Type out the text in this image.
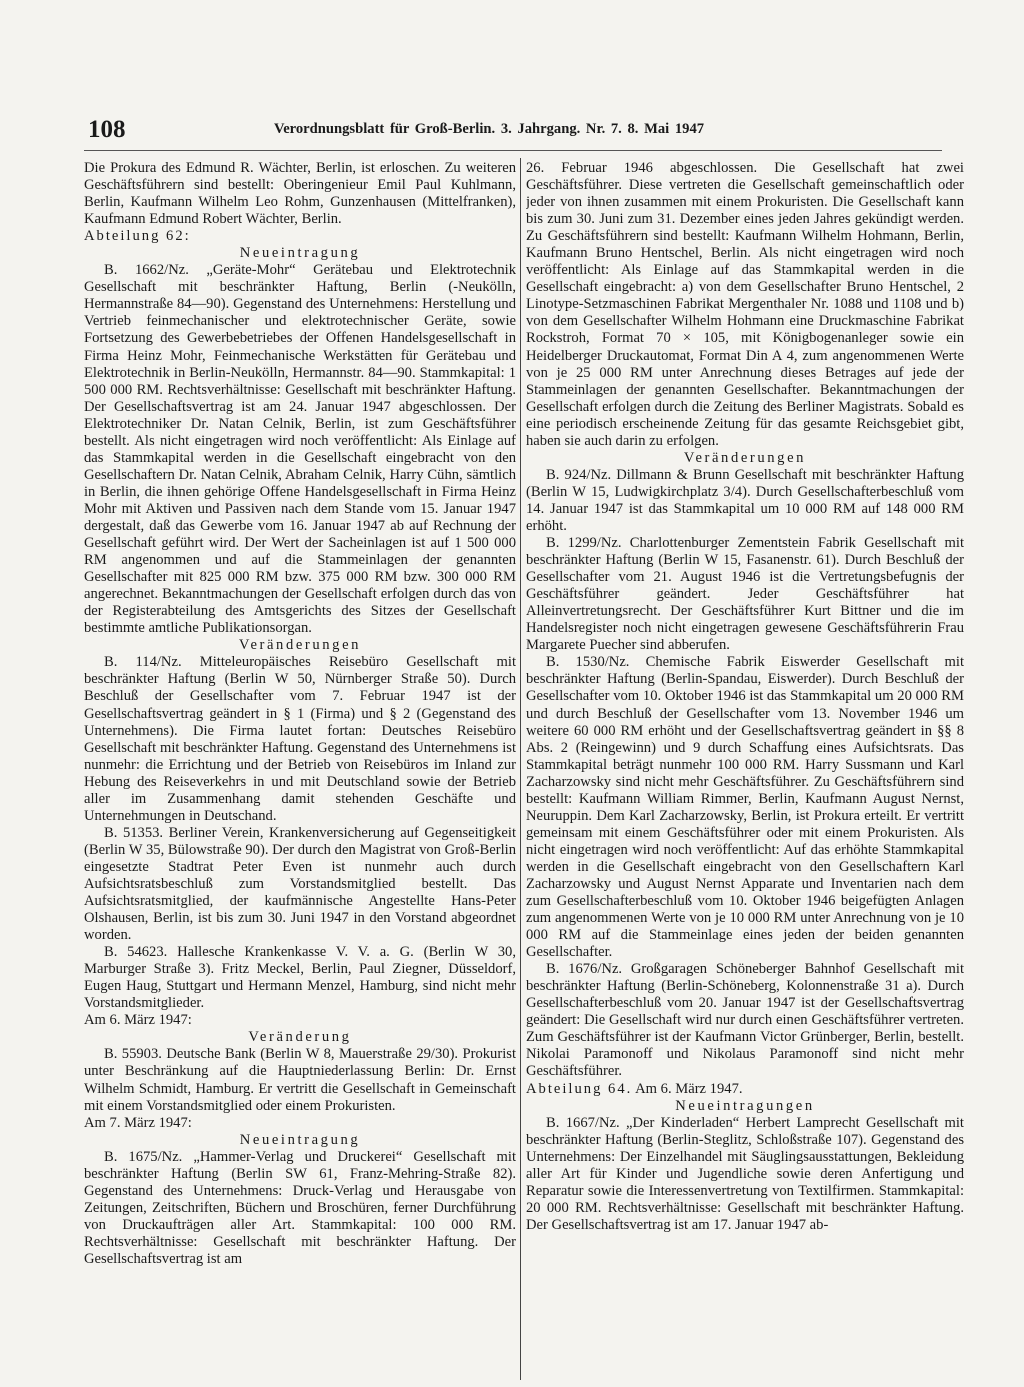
108	Verordnungsblatt für Groß-Berlin. 3. Jahrgang. Nr. 7. 8. Mai 1947

Die Prokura des Edmund R. Wächter, Berlin, ist erloschen. Zu weiteren Geschäftsführern sind bestellt: Oberingenieur Emil Paul Kuhlmann, Berlin, Kaufmann Wilhelm Leo Rohm, Gunzenhausen (Mittelfranken), Kaufmann Edmund Robert Wächter, Berlin.

Abteilung 62:

Neueintragung

B. 1662/Nz. „Geräte-Mohr“ Gerätebau und Elektrotechnik Gesellschaft mit beschränkter Haftung, Berlin (-Neukölln, Hermannstraße 84—90). Gegenstand des Unternehmens: Herstellung und Vertrieb feinmechanischer und elektrotechnischer Geräte, sowie Fortsetzung des Gewerbebetriebes der Offenen Handelsgesellschaft in Firma Heinz Mohr, Feinmechanische Werkstätten für Gerätebau und Elektrotechnik in Berlin-Neukölln, Hermannstr. 84—90. Stammkapital: 1 500 000 RM. Rechtsverhältnisse: Gesellschaft mit beschränkter Haftung. Der Gesellschaftsvertrag ist am 24. Januar 1947 abgeschlossen. Der Elektrotechniker Dr. Natan Celnik, Berlin, ist zum Geschäftsführer bestellt. Als nicht eingetragen wird noch veröffentlicht: Als Einlage auf das Stammkapital werden in die Gesellschaft eingebracht von den Gesellschaftern Dr. Natan Celnik, Abraham Celnik, Harry Cühn, sämtlich in Berlin, die ihnen gehörige Offene Handelsgesellschaft in Firma Heinz Mohr mit Aktiven und Passiven nach dem Stande vom 15. Januar 1947 dergestalt, daß das Gewerbe vom 16. Januar 1947 ab auf Rechnung der Gesellschaft geführt wird. Der Wert der Sacheinlagen ist auf 1 500 000 RM angenommen und auf die Stammeinlagen der genannten Gesellschafter mit 825 000 RM bzw. 375 000 RM bzw. 300 000 RM angerechnet. Bekanntmachungen der Gesellschaft erfolgen durch das von der Registerabteilung des Amtsgerichts des Sitzes der Gesellschaft bestimmte amtliche Publikationsorgan.

Veränderungen

B. 114/Nz. Mitteleuropäisches Reisebüro Gesellschaft mit beschränkter Haftung (Berlin W 50, Nürnberger Straße 50). Durch Beschluß der Gesellschafter vom 7. Februar 1947 ist der Gesellschaftsvertrag geändert in § 1 (Firma) und § 2 (Gegenstand des Unternehmens). Die Firma lautet fortan: Deutsches Reisebüro Gesellschaft mit beschränkter Haftung. Gegenstand des Unternehmens ist nunmehr: die Errichtung und der Betrieb von Reisebüros im Inland zur Hebung des Reiseverkehrs in und mit Deutschland sowie der Betrieb aller im Zusammenhang damit stehenden Geschäfte und Unternehmungen in Deutschand.

B. 51353. Berliner Verein, Krankenversicherung auf Gegenseitigkeit (Berlin W 35, Bülowstraße 90). Der durch den Magistrat von Groß-Berlin eingesetzte Stadtrat Peter Even ist nunmehr auch durch Aufsichtsratsbeschluß zum Vorstandsmitglied bestellt. Das Aufsichtsratsmitglied, der kaufmännische Angestellte Hans-Peter Olshausen, Berlin, ist bis zum 30. Juni 1947 in den Vorstand abgeordnet worden.

B. 54623. Hallesche Krankenkasse V. V. a. G. (Berlin W 30, Marburger Straße 3). Fritz Meckel, Berlin, Paul Ziegner, Düsseldorf, Eugen Haug, Stuttgart und Hermann Menzel, Hamburg, sind nicht mehr Vorstandsmitglieder.

Am 6. März 1947:

Veränderung

B. 55903. Deutsche Bank (Berlin W 8, Mauerstraße 29/30). Prokurist unter Beschränkung auf die Hauptniederlassung Berlin: Dr. Ernst Wilhelm Schmidt, Hamburg. Er vertritt die Gesellschaft in Gemeinschaft mit einem Vorstandsmitglied oder einem Prokuristen.

Am 7. März 1947:

Neueintragung

B. 1675/Nz. „Hammer-Verlag und Druckerei“ Gesellschaft mit beschränkter Haftung (Berlin SW 61, Franz-Mehring-Straße 82). Gegenstand des Unternehmens: Druck-Verlag und Herausgabe von Zeitungen, Zeitschriften, Büchern und Broschüren, ferner Durchführung von Druckaufträgen aller Art. Stammkapital: 100 000 RM. Rechtsverhältnisse: Gesellschaft mit beschränkter Haftung. Der Gesellschaftsvertrag ist am

26. Februar 1946 abgeschlossen. Die Gesellschaft hat zwei Geschäftsführer. Diese vertreten die Gesellschaft gemeinschaftlich oder jeder von ihnen zusammen mit einem Prokuristen. Die Gesellschaft kann bis zum 30. Juni zum 31. Dezember eines jeden Jahres gekündigt werden. Zu Geschäftsführern sind bestellt: Kaufmann Wilhelm Hohmann, Berlin, Kaufmann Bruno Hentschel, Berlin. Als nicht eingetragen wird noch veröffentlicht: Als Einlage auf das Stammkapital werden in die Gesellschaft eingebracht: a) von dem Gesellschafter Bruno Hentschel, 2 Linotype-Setzmaschinen Fabrikat Mergenthaler Nr. 1088 und 1108 und b) von dem Gesellschafter Wilhelm Hohmann eine Druckmaschine Fabrikat Rockstroh, Format 70 × 105, mit Königbogenanleger sowie ein Heidelberger Druckautomat, Format Din A 4, zum angenommenen Werte von je 25 000 RM unter Anrechnung dieses Betrages auf jede der Stammeinlagen der genannten Gesellschafter. Bekanntmachungen der Gesellschaft erfolgen durch die Zeitung des Berliner Magistrats. Sobald es eine periodisch erscheinende Zeitung für das gesamte Reichsgebiet gibt, haben sie auch darin zu erfolgen.

Veränderungen

B. 924/Nz. Dillmann & Brunn Gesellschaft mit beschränkter Haftung (Berlin W 15, Ludwigkirchplatz 3/4). Durch Gesellschafterbeschluß vom 14. Januar 1947 ist das Stammkapital um 10 000 RM auf 148 000 RM erhöht.

B. 1299/Nz. Charlottenburger Zementstein Fabrik Gesellschaft mit beschränkter Haftung (Berlin W 15, Fasanenstr. 61). Durch Beschluß der Gesellschafter vom 21. August 1946 ist die Vertretungsbefugnis der Geschäftsführer geändert. Jeder Geschäftsführer hat Alleinvertretungsrecht. Der Geschäftsführer Kurt Bittner und die im Handelsregister noch nicht eingetragen gewesene Geschäftsführerin Frau Margarete Puecher sind abberufen.

B. 1530/Nz. Chemische Fabrik Eiswerder Gesellschaft mit beschränkter Haftung (Berlin-Spandau, Eiswerder). Durch Beschluß der Gesellschafter vom 10. Oktober 1946 ist das Stammkapital um 20 000 RM und durch Beschluß der Gesellschafter vom 13. November 1946 um weitere 60 000 RM erhöht und der Gesellschaftsvertrag geändert in §§ 8 Abs. 2 (Reingewinn) und 9 durch Schaffung eines Aufsichtsrats. Das Stammkapital beträgt nunmehr 100 000 RM. Harry Sussmann und Karl Zacharzowsky sind nicht mehr Geschäftsführer. Zu Geschäftsführern sind bestellt: Kaufmann William Rimmer, Berlin, Kaufmann August Nernst, Neuruppin. Dem Karl Zacharzowsky, Berlin, ist Prokura erteilt. Er vertritt gemeinsam mit einem Geschäftsführer oder mit einem Prokuristen. Als nicht eingetragen wird noch veröffentlicht: Auf das erhöhte Stammkapital werden in die Gesellschaft eingebracht von den Gesellschaftern Karl Zacharzowsky und August Nernst Apparate und Inventarien nach dem zum Gesellschafterbeschluß vom 10. Oktober 1946 beigefügten Anlagen zum angenommenen Werte von je 10 000 RM unter Anrechnung von je 10 000 RM auf die Stammeinlage eines jeden der beiden genannten Gesellschafter.

B. 1676/Nz. Großgaragen Schöneberger Bahnhof Gesellschaft mit beschränkter Haftung (Berlin-Schöneberg, Kolonnenstraße 31 a). Durch Gesellschafterbeschluß vom 20. Januar 1947 ist der Gesellschaftsvertrag geändert: Die Gesellschaft wird nur durch einen Geschäftsführer vertreten. Zum Geschäftsführer ist der Kaufmann Victor Grünberger, Berlin, bestellt. Nikolai Paramonoff und Nikolaus Paramonoff sind nicht mehr Geschäftsführer.

Abteilung 64. Am 6. März 1947.

Neueintragungen

B. 1667/Nz. „Der Kinderladen“ Herbert Lamprecht Gesellschaft mit beschränkter Haftung (Berlin-Steglitz, Schloßstraße 107). Gegenstand des Unternehmens: Der Einzelhandel mit Säuglingsausstattungen, Bekleidung aller Art für Kinder und Jugendliche sowie deren Anfertigung und Reparatur sowie die Interessenvertretung von Textilfirmen. Stammkapital: 20 000 RM. Rechtsverhältnisse: Gesellschaft mit beschränkter Haftung. Der Gesellschaftsvertrag ist am 17. Januar 1947 ab-
